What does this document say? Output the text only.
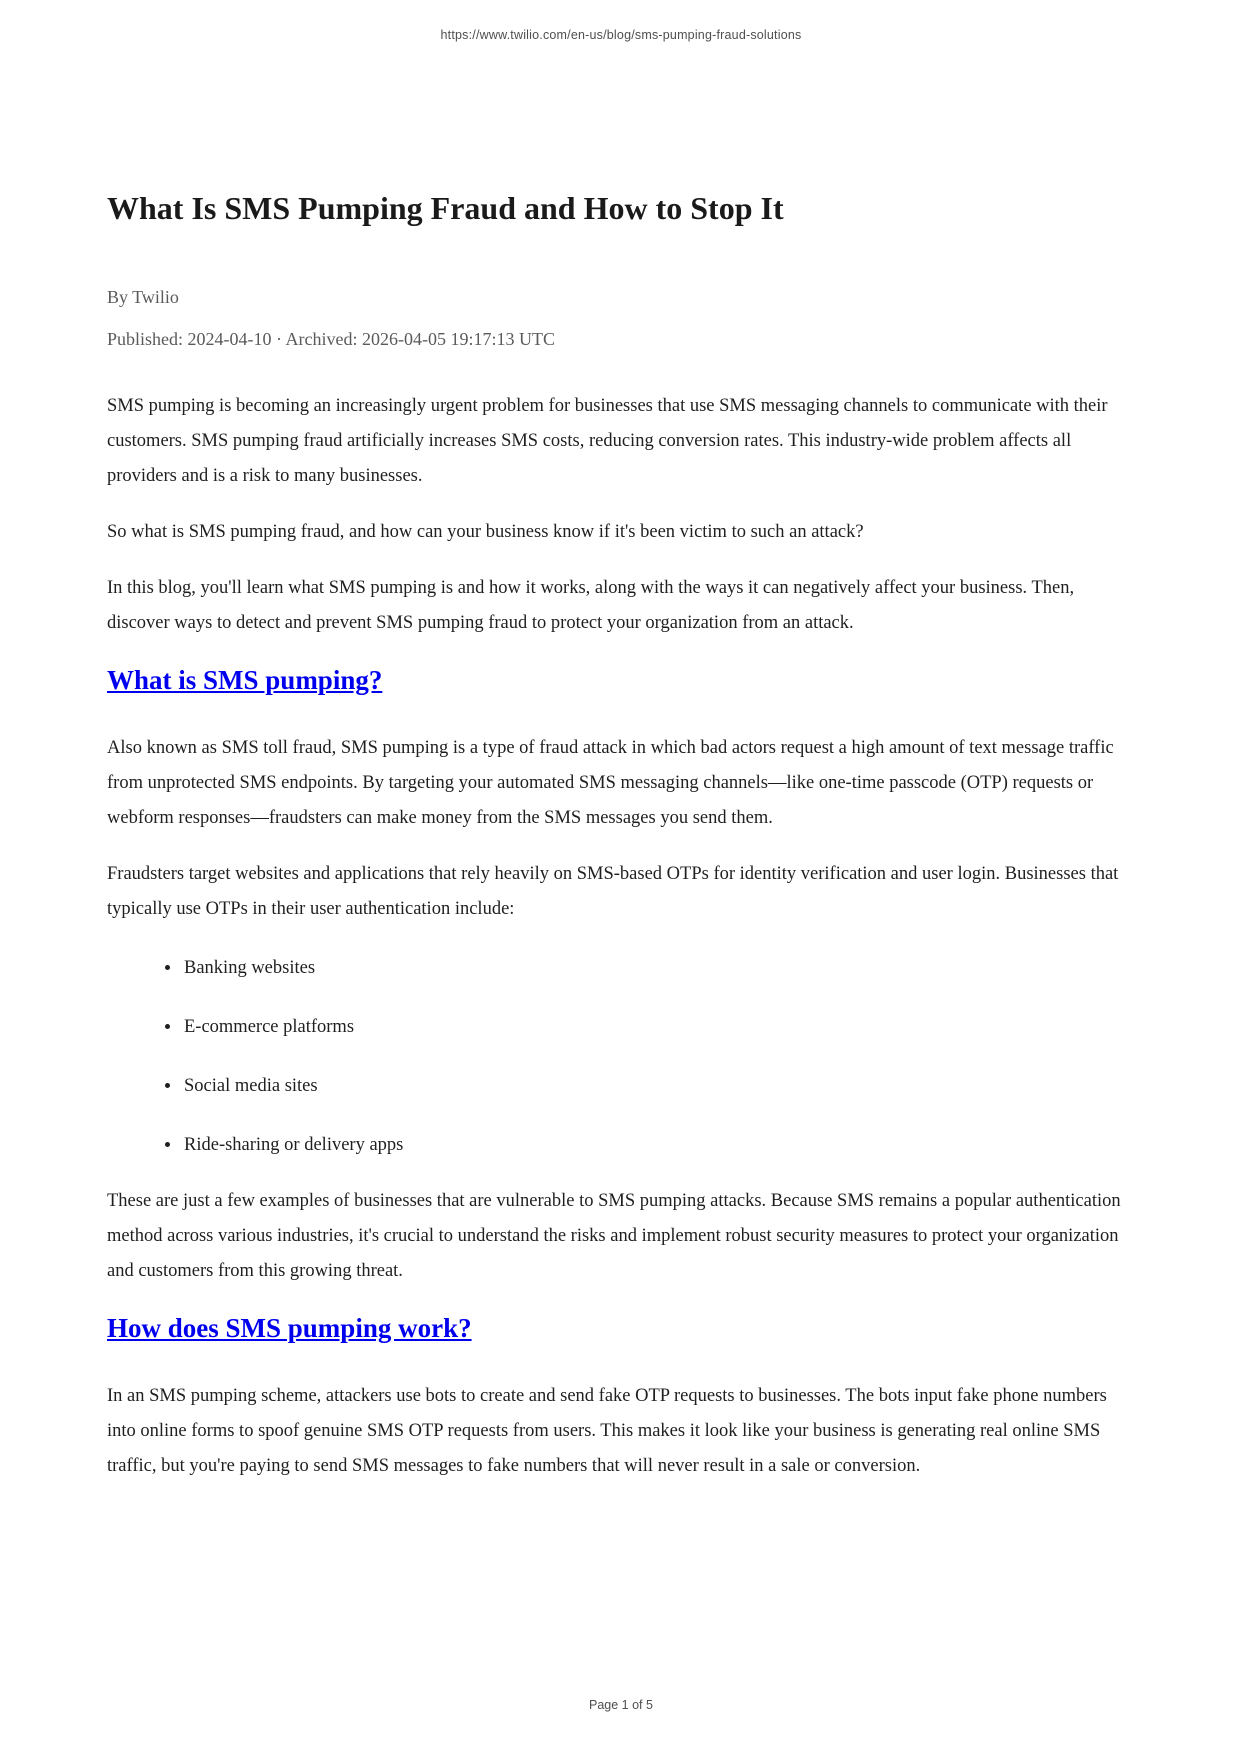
https://www.twilio.com/en-us/blog/sms-pumping-fraud-solutions
What Is SMS Pumping Fraud and How to Stop It

By Twilio

Published: 2024-04-10 · Archived: 2026-04-05 19:17:13 UTC

SMS pumping is becoming an increasingly urgent problem for businesses that use SMS messaging channels to communicate with their customers. SMS pumping fraud artificially increases SMS costs, reducing conversion rates. This industry-wide problem affects all providers and is a risk to many businesses.

So what is SMS pumping fraud, and how can your business know if it's been victim to such an attack?

In this blog, you'll learn what SMS pumping is and how it works, along with the ways it can negatively affect your business. Then, discover ways to detect and prevent SMS pumping fraud to protect your organization from an attack.

What is SMS pumping?

Also known as SMS toll fraud, SMS pumping is a type of fraud attack in which bad actors request a high amount of text message traffic from unprotected SMS endpoints. By targeting your automated SMS messaging channels—like one-time passcode (OTP) requests or webform responses—fraudsters can make money from the SMS messages you send them.

Fraudsters target websites and applications that rely heavily on SMS-based OTPs for identity verification and user login. Businesses that typically use OTPs in their user authentication include:

• Banking websites
• E-commerce platforms
• Social media sites
• Ride-sharing or delivery apps

These are just a few examples of businesses that are vulnerable to SMS pumping attacks. Because SMS remains a popular authentication method across various industries, it's crucial to understand the risks and implement robust security measures to protect your organization and customers from this growing threat.

How does SMS pumping work?

In an SMS pumping scheme, attackers use bots to create and send fake OTP requests to businesses. The bots input fake phone numbers into online forms to spoof genuine SMS OTP requests from users. This makes it look like your business is generating real online SMS traffic, but you're paying to send SMS messages to fake numbers that will never result in a sale or conversion.

Page 1 of 5
